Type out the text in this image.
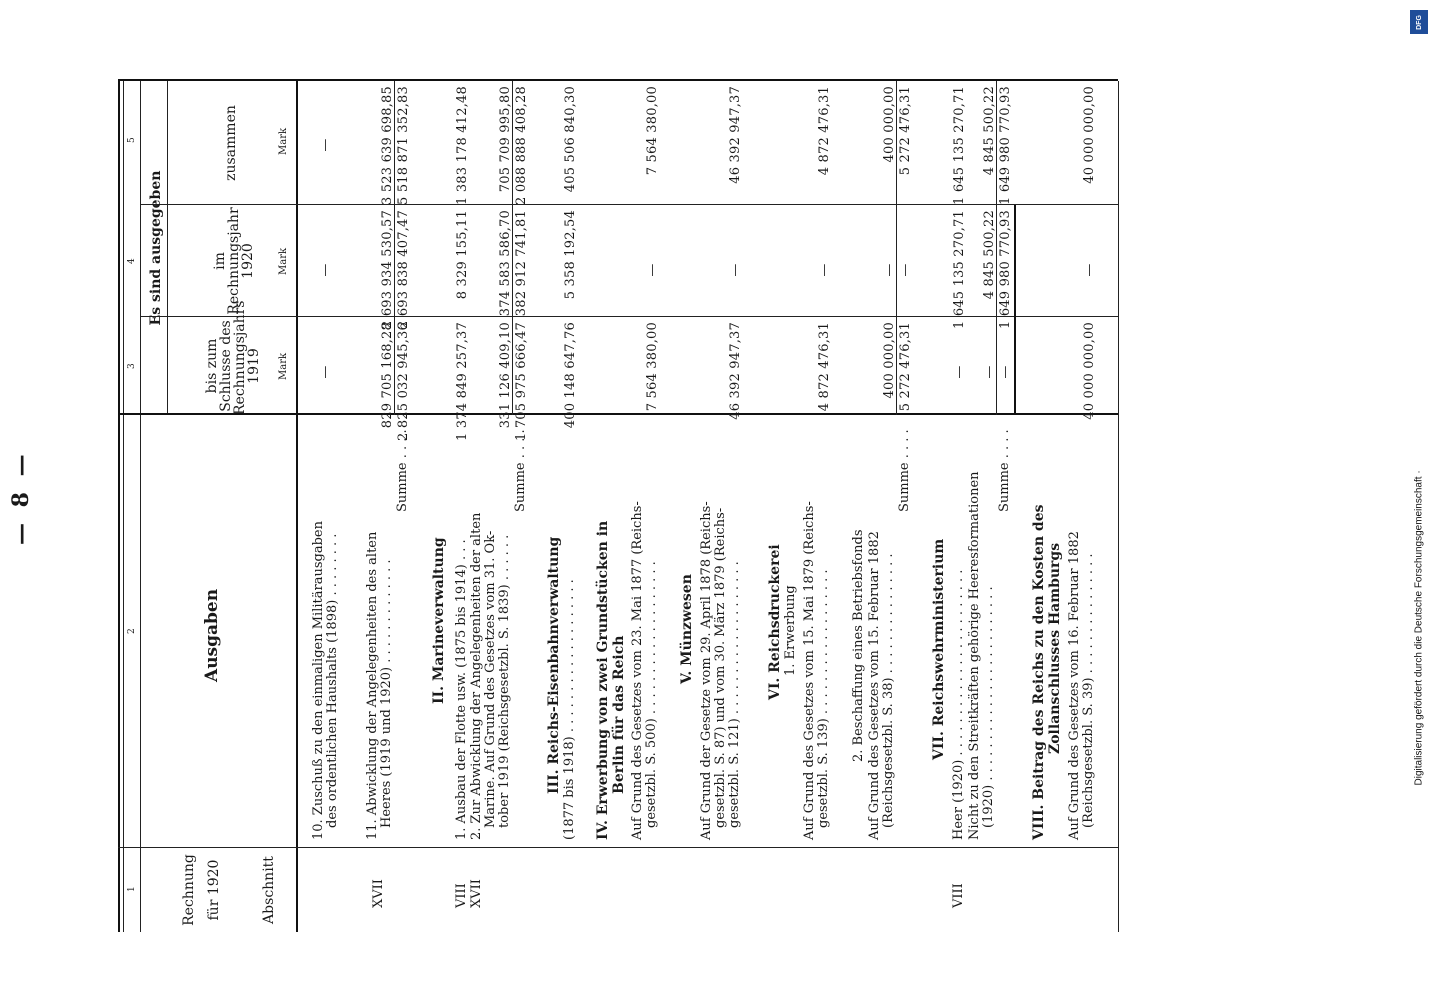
— 8 —
1
2
3
4
5
Rechnung für 1920	Abschnitt
Ausgaben
Es sind ausgegeben
bis zum
Schlusse des
Rechnungsjahrs
1919
im
Rechnungsjahr
1920
zusammen
Mark
Mark
Mark
10. Zuschuß zu den einmaligen Militärausgaben des ordentlichen Haushalts (1898) . . . . . . . .
—
—
—
XVII
11. Abwicklung der Angelegenheiten des alten Heeres (1919 und 1920) . . . . . . . . . . . . .
829 705 168,28
2 693 934 530,57
3 523 639 698,85
Summe . . . .
2 825 032 945,36
2 693 838 407,47
5 518 871 352,83
II. Marineverwaltung
VIII
1. Ausbau der Flotte usw. (1875 bis 1914) . . .
1 374 849 257,37
8 329 155,11
1 383 178 412,48
XVII
2. Zur Abwicklung der Angelegenheiten der alten Marine. Auf Grund des Gesetzes vom 31. Ok- tober 1919 (Reichsgesetzbl. S. 1839) . . . . . .
331 126 409,10
374 583 586,70
705 709 995,80
Summe . . . .
1 705 975 666,47
382 912 741,81
2 088 888 408,28
III. Reichs-Eisenbahnverwaltung (1877 bis 1918) . . . . . . . . . . . . . . . . . . .
400 148 647,76
5 358 192,54
405 506 840,30
IV. Erwerbung von zwei Grundstücken in Berlin für das Reich Auf Grund des Gesetzes vom 23. Mai 1877 (Reichs- gesetzbl. S. 500) . . . . . . . . . . . . . . . . . . .
7 564 380,00
—
7 564 380,00
V. Münzwesen Auf Grund der Gesetze vom 29. April 1878 (Reichs- gesetzbl. S. 87) und vom 30. März 1879 (Reichs- gesetzbl. S. 121) . . . . . . . . . . . . . . . . . . .
46 392 947,37
—
46 392 947,37
VI. Reichsdruckerei 1. Erwerbung Auf Grund des Gesetzes vom 15. Mai 1879 (Reichs- gesetzbl. S. 139) . . . . . . . . . . . . . . . . . .
4 872 476,31
—
4 872 476,31
2. Beschaffung eines Betriebsfonds Auf Grund des Gesetzes vom 15. Februar 1882 (Reichsgesetzbl. S. 38) . . . . . . . . . . . . . . .
400 000,00
—
400 000,00
Summe . . . .
5 272 476,31
—
5 272 476,31
VII. Reichswehrministerium
VIII
Heer (1920) . . . . . . . . . . . . . . . . . . . . . . .
—
1 645 135 270,71
1 645 135 270,71
Nicht zu den Streitkräften gehörige Heeresformationen (1920) . . . . . . . . . . . . . . . . . . . . . . . .
—
4 845 500,22
4 845 500,22
Summe . . . .
—
1 649 980 770,93
1 649 980 770,93
VIII. Beitrag des Reichs zu den Kosten des Zollanschlusses Hamburgs Auf Grund des Gesetzes vom 16. Februar 1882 (Reichsgesetzbl. S. 39) . . . . . . . . . . . . . . .
40 000 000,00
—
40 000 000,00
DFG
Digitalisierung gefördert durch die Deutsche Forschungsgemeinschaft ·
